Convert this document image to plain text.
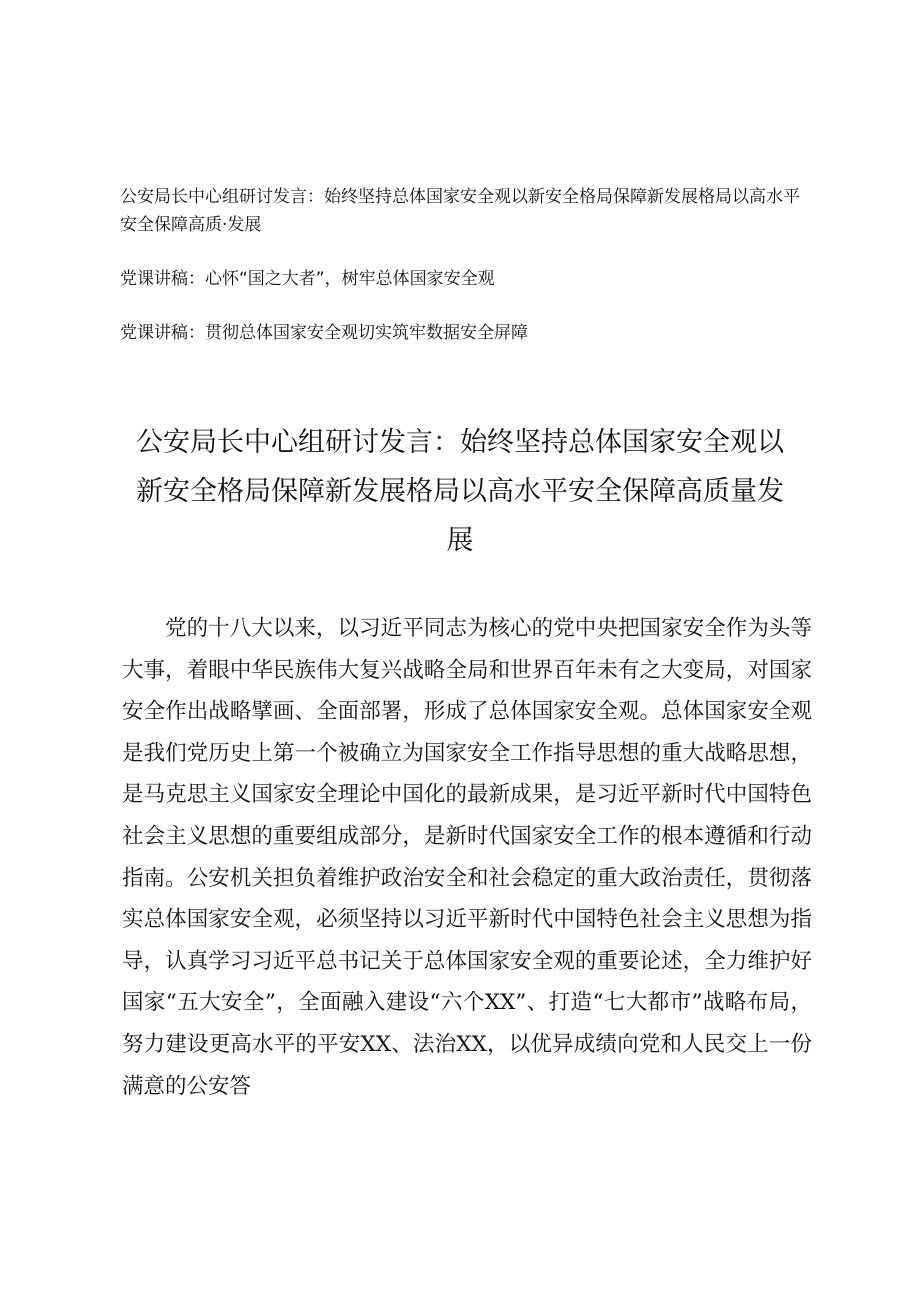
公安局长中心组研讨发言：始终坚持总体国家安全观以新安全格局保障新发展格局以高水平安全保障高质·发展
党课讲稿：心怀“国之大者”，树牢总体国家安全观
党课讲稿：贯彻总体国家安全观切实筑牢数据安全屏障
公安局长中心组研讨发言：始终坚持总体国家安全观以新安全格局保障新发展格局以高水平安全保障高质量发展

党的十八大以来，以习近平同志为核心的党中央把国家安全作为头等大事，着眼中华民族伟大复兴战略全局和世界百年未有之大变局，对国家安全作出战略擘画、全面部署，形成了总体国家安全观。总体国家安全观是我们党历史上第一个被确立为国家安全工作指导思想的重大战略思想，是马克思主义国家安全理论中国化的最新成果，是习近平新时代中国特色社会主义思想的重要组成部分，是新时代国家安全工作的根本遵循和行动指南。公安机关担负着维护政治安全和社会稳定的重大政治责任，贯彻落实总体国家安全观，必须坚持以习近平新时代中国特色社会主义思想为指导，认真学习习近平总书记关于总体国家安全观的重要论述，全力维护好国家“五大安全”，全面融入建设“六个XX”、打造“七大都市”战略布局，努力建设更高水平的平安XX、法治XX，以优异成绩向党和人民交上一份满意的公安答
